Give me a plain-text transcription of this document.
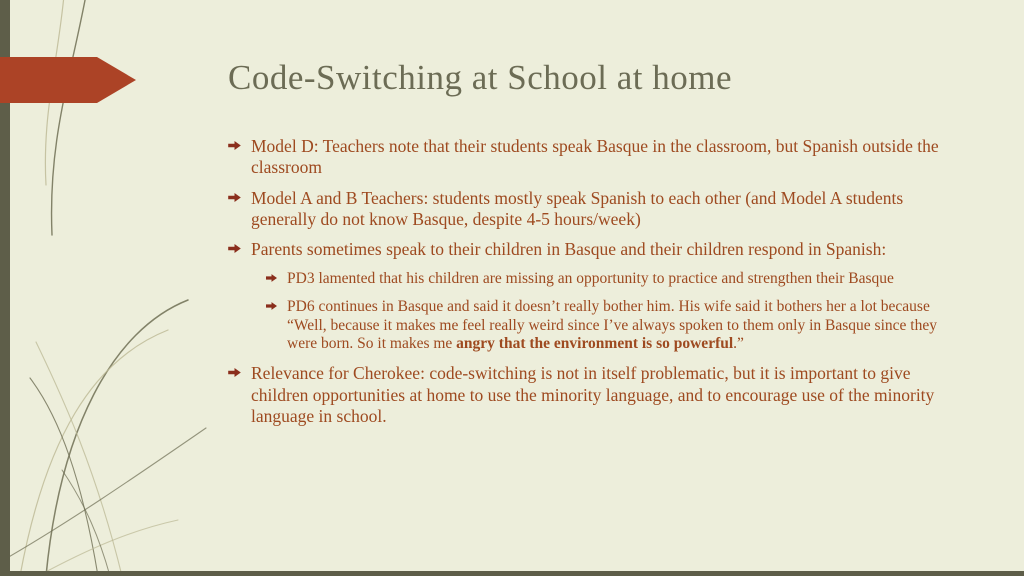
Code-Switching at School at home
Model D: Teachers note that their students speak Basque in the classroom, but Spanish outside the classroom
Model A and B Teachers: students mostly speak Spanish to each other (and Model A students generally do not know Basque, despite 4-5 hours/week)
Parents sometimes speak to their children in Basque and their children respond in Spanish:
PD3 lamented that his children are missing an opportunity to practice and strengthen their Basque
PD6 continues in Basque and said it doesn’t really bother him. His wife said it bothers her a lot because “Well, because it makes me feel really weird since I’ve always spoken to them only in Basque since they were born. So it makes me angry that the environment is so powerful.”
Relevance for Cherokee: code-switching is not in itself problematic, but it is important to give children opportunities at home to use the minority language, and to encourage use of the minority language in school.
